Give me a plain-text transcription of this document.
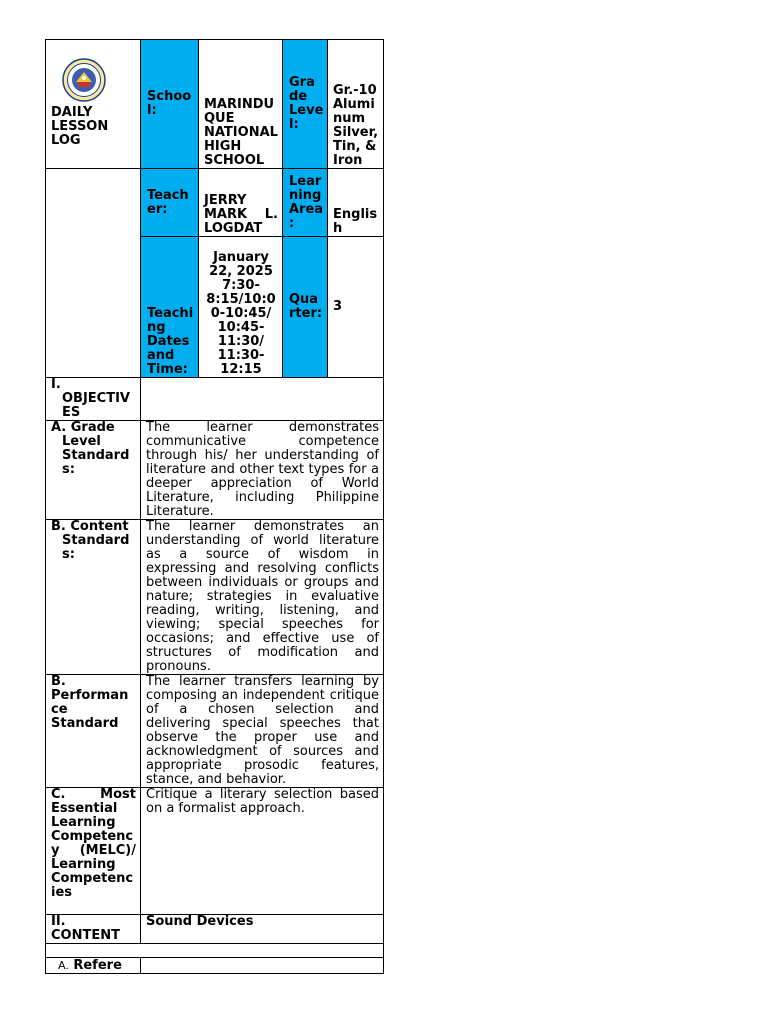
DAILY LESSON LOG	School:	MARINDUQUE NATIONAL HIGH SCHOOL	Grade Level:	Gr.-10 Aluminum Silver, Tin, & Iron
	Teacher:	JERRY MARK L. LOGDAT	Learning Area:	English
	Teaching Dates and Time:	January 22, 2025 7:30-8:15/10:00-10:45/ 10:45-11:30/ 11:30-12:15	Quarter:	3
I. OBJECTIVES				
A. Grade Level Standards:	The learner demonstrates communicative competence through his/ her understanding of literature and other text types for a deeper appreciation of World Literature, including Philippine Literature.			
B. Content Standards:	The learner demonstrates an understanding of world literature as a source of wisdom in expressing and resolving conflicts between individuals or groups and nature; strategies in evaluative reading, writing, listening, and viewing; special speeches for occasions; and effective use of structures of modification and pronouns.			
B. Performance Standard	The learner transfers learning by composing an independent critique of a chosen selection and delivering special speeches that observe the proper use and acknowledgment of sources and appropriate prosodic features, stance, and behavior.			
C. Most Essential Learning Competency (MELC)/ Learning Competencies	Critique a literary selection based on a formalist approach.			
II. CONTENT	Sound Devices			

A. Refere				
